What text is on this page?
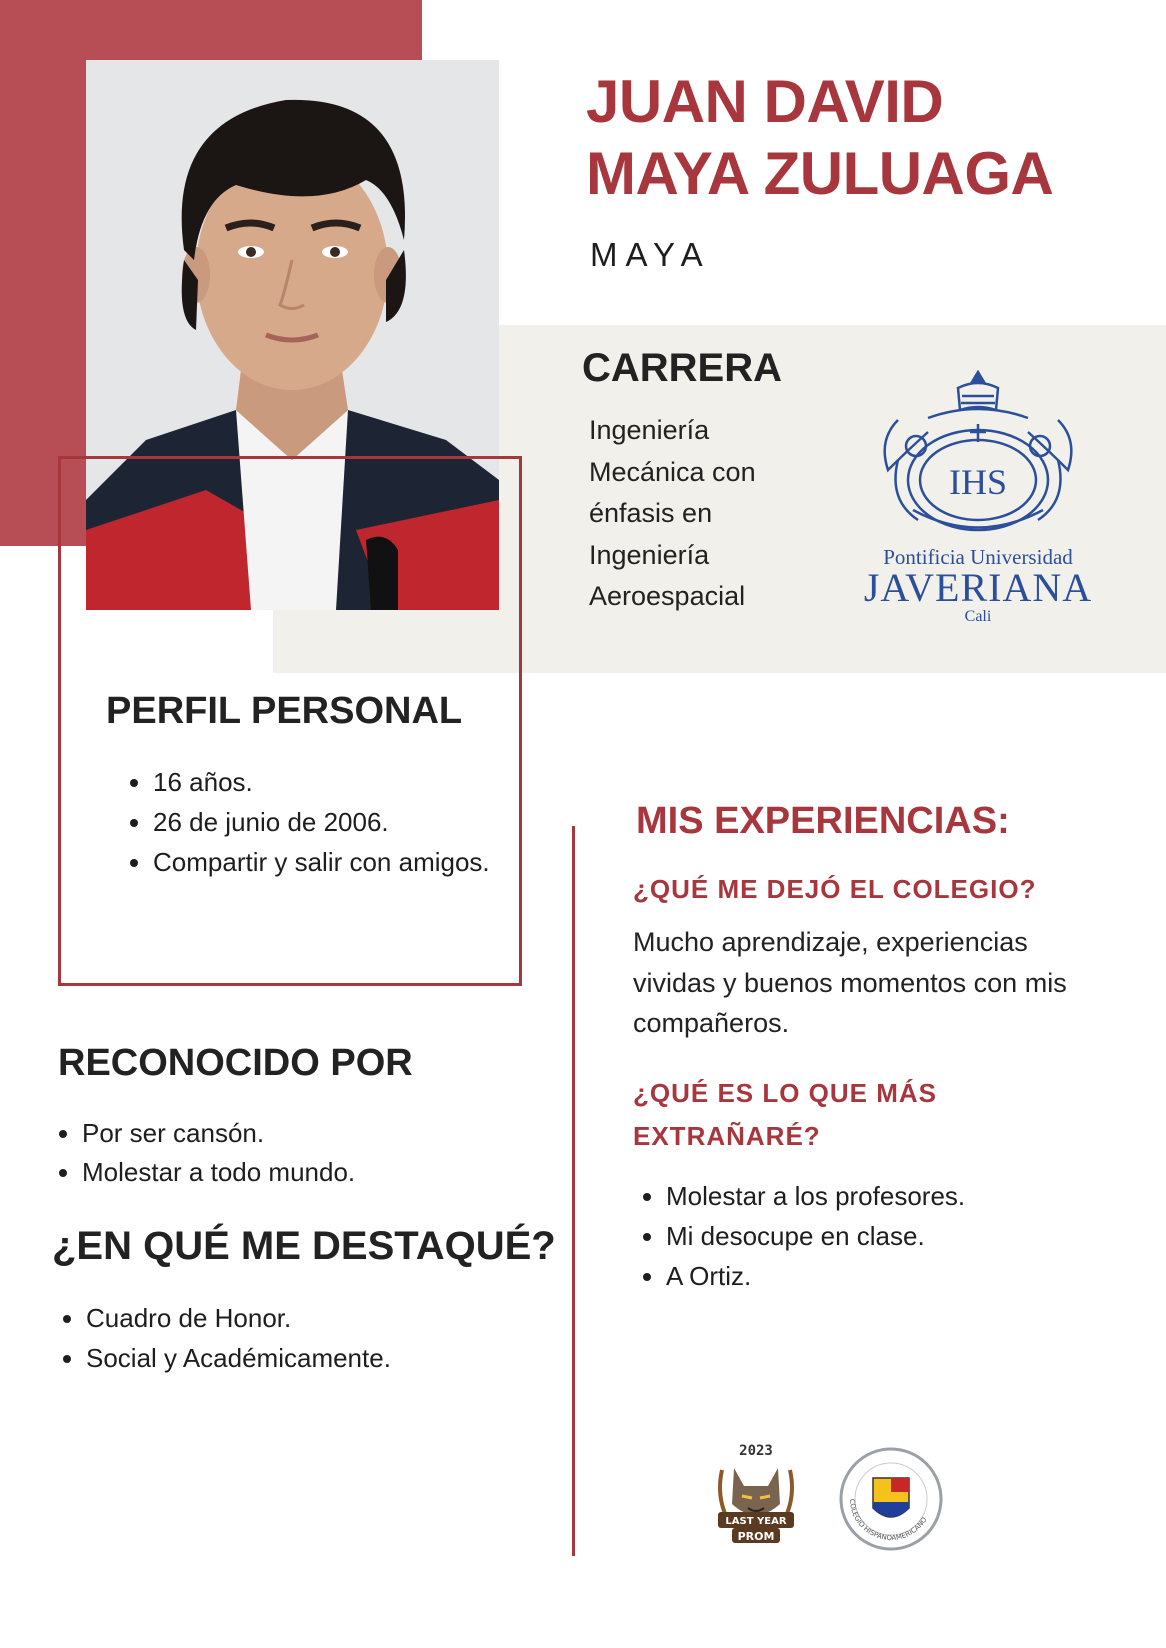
JUAN DAVID
MAYA ZULUAGA
MAYA
CARRERA
Ingeniería
Mecánica con
énfasis en
Ingeniería
Aeroespacial
IHS
Pontificia Universidad
JAVERIANA
Cali
PERFIL PERSONAL
• 16 años.
• 26 de junio de 2006.
• Compartir y salir con amigos.
RECONOCIDO POR
• Por ser cansón.
• Molestar a todo mundo.
¿EN QUÉ ME DESTAQUÉ?
• Cuadro de Honor.
• Social y Académicamente.
MIS EXPERIENCIAS:
¿QUÉ ME DEJÓ EL COLEGIO?
Mucho aprendizaje, experiencias vividas y buenos momentos con mis compañeros.
¿QUÉ ES LO QUE MÁS EXTRAÑARÉ?
• Molestar a los profesores.
• Mi desocupe en clase.
• A Ortiz.
2023
LAST YEAR
PROM
COLEGIO HISPANOAMERICANO
